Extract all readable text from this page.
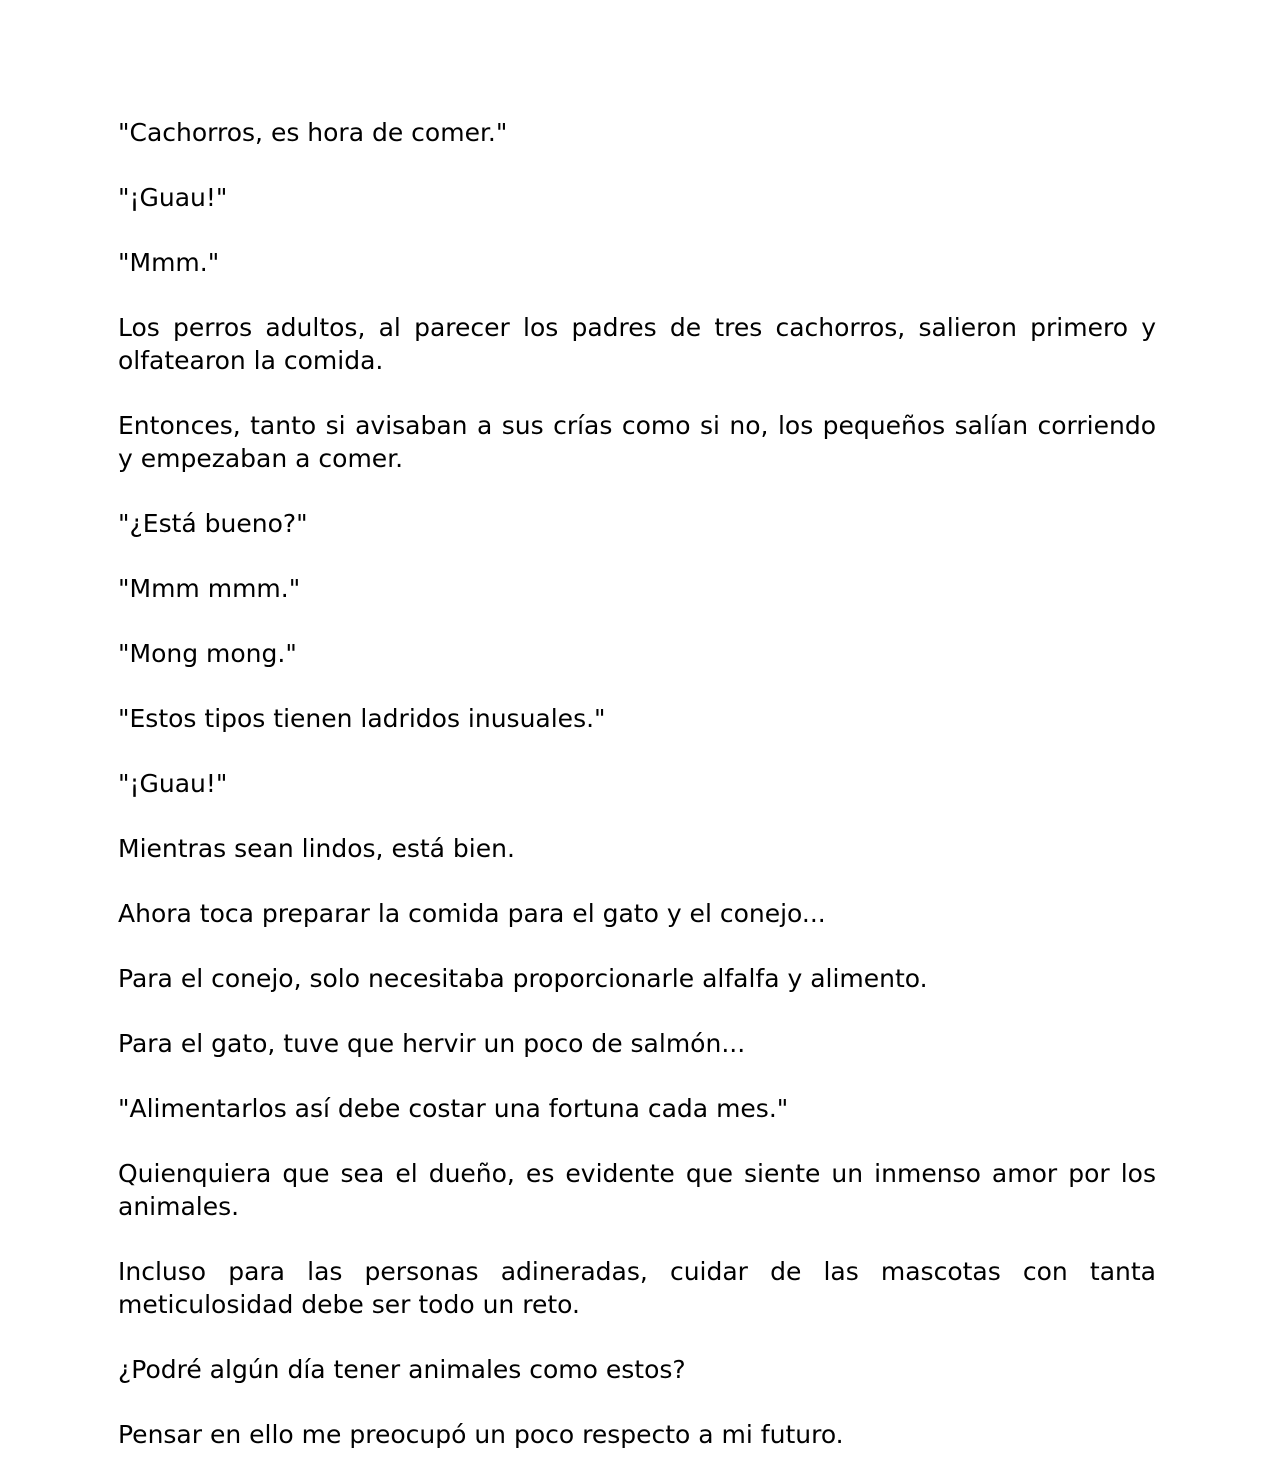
"Cachorros, es hora de comer."

"¡Guau!"

"Mmm."

Los perros adultos, al parecer los padres de tres cachorros, salieron primero y olfatearon la comida.

Entonces, tanto si avisaban a sus crías como si no, los pequeños salían corriendo y empezaban a comer.

"¿Está bueno?"

"Mmm mmm."

"Mong mong."

"Estos tipos tienen ladridos inusuales."

"¡Guau!"

Mientras sean lindos, está bien.

Ahora toca preparar la comida para el gato y el conejo...

Para el conejo, solo necesitaba proporcionarle alfalfa y alimento.

Para el gato, tuve que hervir un poco de salmón...

"Alimentarlos así debe costar una fortuna cada mes."

Quienquiera que sea el dueño, es evidente que siente un inmenso amor por los animales.

Incluso para las personas adineradas, cuidar de las mascotas con tanta meticulosidad debe ser todo un reto.

¿Podré algún día tener animales como estos?

Pensar en ello me preocupó un poco respecto a mi futuro.
